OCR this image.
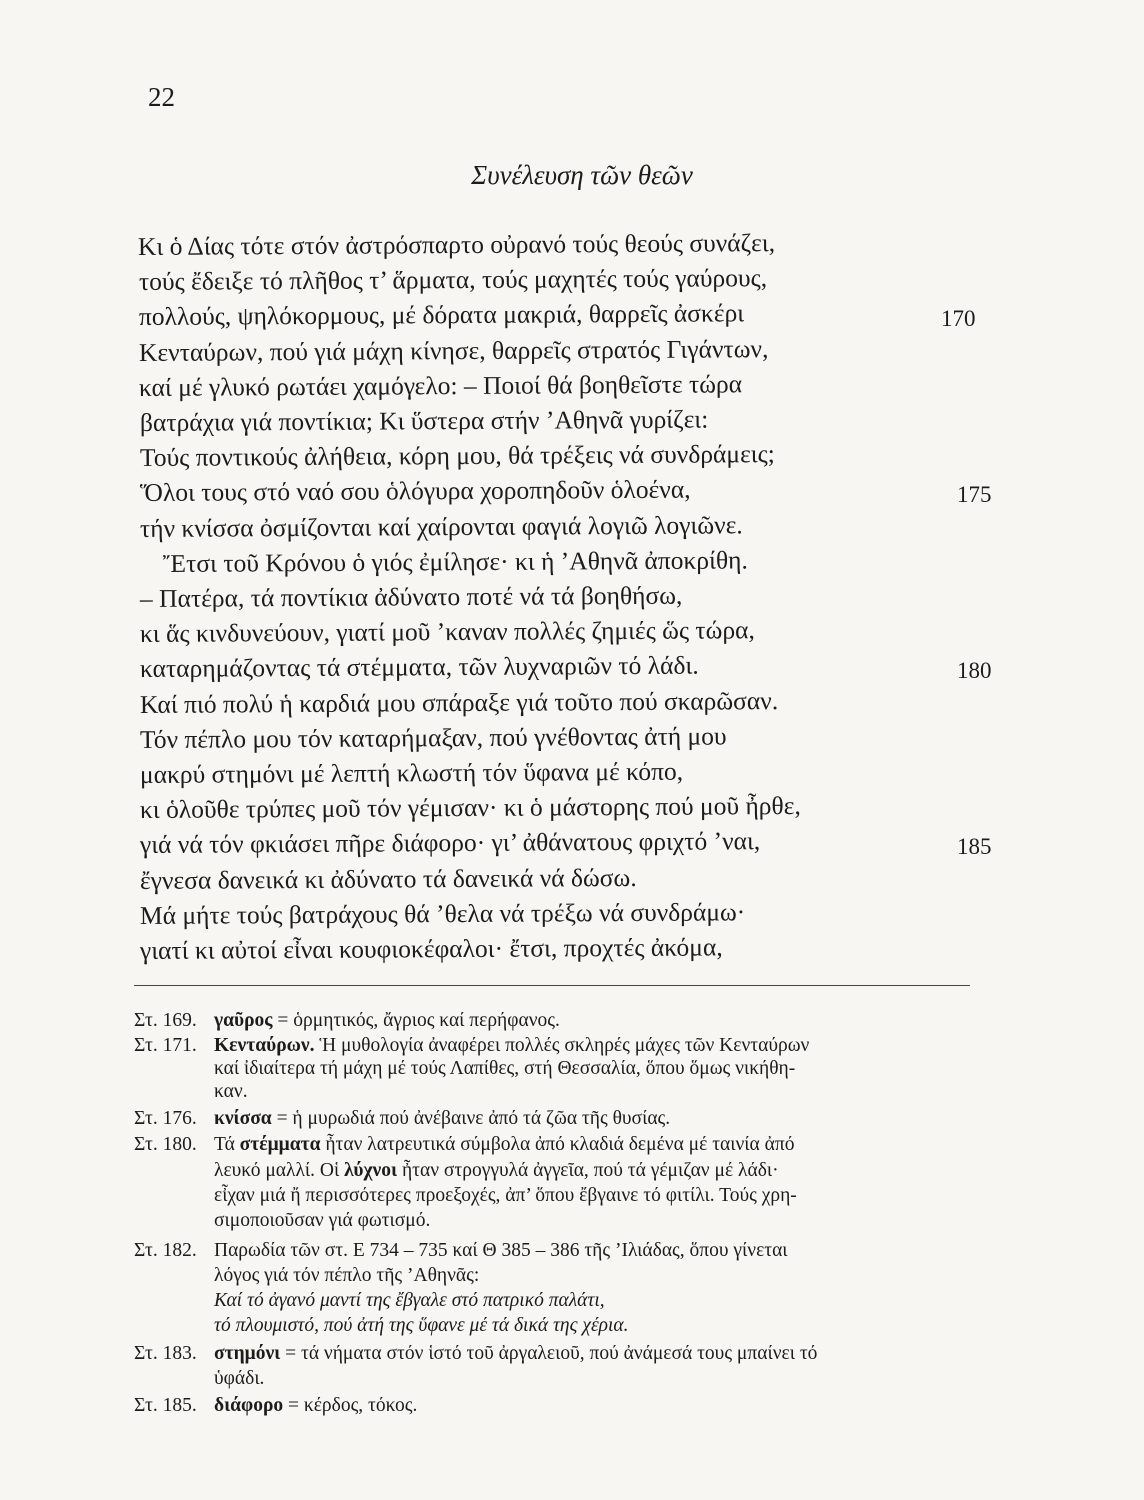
22
Συνέλευση τῶν θεῶν
Κι ὁ Δίας τότε στόν ἀστρόσπαρτο οὐρανό τούς θεούς συνάζει,
τούς ἔδειξε τό πλῆθος τ’ ἅρματα, τούς μαχητές τούς γαύρους,
πολλούς, ψηλόκορμους, μέ δόρατα μακριά, θαρρεῖς ἀσκέρι
Κενταύρων, πού γιά μάχη κίνησε, θαρρεῖς στρατός Γιγάντων,
καί μέ γλυκό ρωτάει χαμόγελο: – Ποιοί θά βοηθεῖστε τώρα
βατράχια γιά ποντίκια; Κι ὕστερα στήν ’Αθηνᾶ γυρίζει:
Τούς ποντικούς ἀλήθεια, κόρη μου, θά τρέξεις νά συνδράμεις;
Ὅλοι τους στό ναό σου ὁλόγυρα χοροπηδοῦν ὁλοένα,
τήν κνίσσα ὀσμίζονται καί χαίρονται φαγιά λογιῶ λογιῶνε.
Ἔτσι τοῦ Κρόνου ὁ γιός ἐμίλησε· κι ἡ ’Αθηνᾶ ἀποκρίθη.
– Πατέρα, τά ποντίκια ἀδύνατο ποτέ νά τά βοηθήσω,
κι ἅς κινδυνεύουν, γιατί μοῦ ’καναν πολλές ζημιές ὥς τώρα,
καταρημάζοντας τά στέμματα, τῶν λυχναριῶν τό λάδι.
Καί πιό πολύ ἡ καρδιά μου σπάραξε γιά τοῦτο πού σκαρῶσαν.
Τόν πέπλο μου τόν καταρήμαξαν, πού γνέθοντας ἀτή μου
μακρύ στημόνι μέ λεπτή κλωστή τόν ὕφανα μέ κόπο,
κι ὁλοῦθε τρύπες μοῦ τόν γέμισαν· κι ὁ μάστορης πού μοῦ ἦρθε,
γιά νά τόν φκιάσει πῆρε διάφορο· γι’ ἀθάνατους φριχτό ’ναι,
ἔγνεσα δανεικά κι ἀδύνατο τά δανεικά νά δώσω.
Μά μήτε τούς βατράχους θά ’θελα νά τρέξω νά συνδράμω·
γιατί κι αὐτοί εἶναι κουφιοκέφαλοι· ἔτσι, προχτές ἀκόμα,
170
175
180
185
Στ. 169. γαῦρος = ὁρμητικός, ἄγριος καί περήφανος.
Στ. 171. Κενταύρων. Ἡ μυθολογία ἀναφέρει πολλές σκληρές μάχες τῶν Κενταύρων
καί ἰδιαίτερα τή μάχη μέ τούς Λαπίθες, στή Θεσσαλία, ὅπου ὅμως νικήθη-
καν.
Στ. 176. κνίσσα = ἡ μυρωδιά πού ἀνέβαινε ἀπό τά ζῶα τῆς θυσίας.
Στ. 180. Τά στέμματα ἦταν λατρευτικά σύμβολα ἀπό κλαδιά δεμένα μέ ταινία ἀπό
λευκό μαλλί. Οἱ λύχνοι ἦταν στρογγυλά ἀγγεῖα, πού τά γέμιζαν μέ λάδι·
εἶχαν μιά ἤ περισσότερες προεξοχές, ἀπ’ ὅπου ἔβγαινε τό φιτίλι. Τούς χρη-
σιμοποιοῦσαν γιά φωτισμό.
Στ. 182. Παρωδία τῶν στ. Ε 734 – 735 καί Θ 385 – 386 τῆς ’Ιλιάδας, ὅπου γίνεται
λόγος γιά τόν πέπλο τῆς ’Αθηνᾶς:
Καί τό ἀγανό μαντί της ἔβγαλε στό πατρικό παλάτι,
τό πλουμιστό, πού ἀτή της ὕφανε μέ τά δικά της χέρια.
Στ. 183. στημόνι = τά νήματα στόν ἱστό τοῦ ἀργαλειοῦ, πού ἀνάμεσά τους μπαίνει τό
ὑφάδι.
Στ. 185. διάφορο = κέρδος, τόκος.
